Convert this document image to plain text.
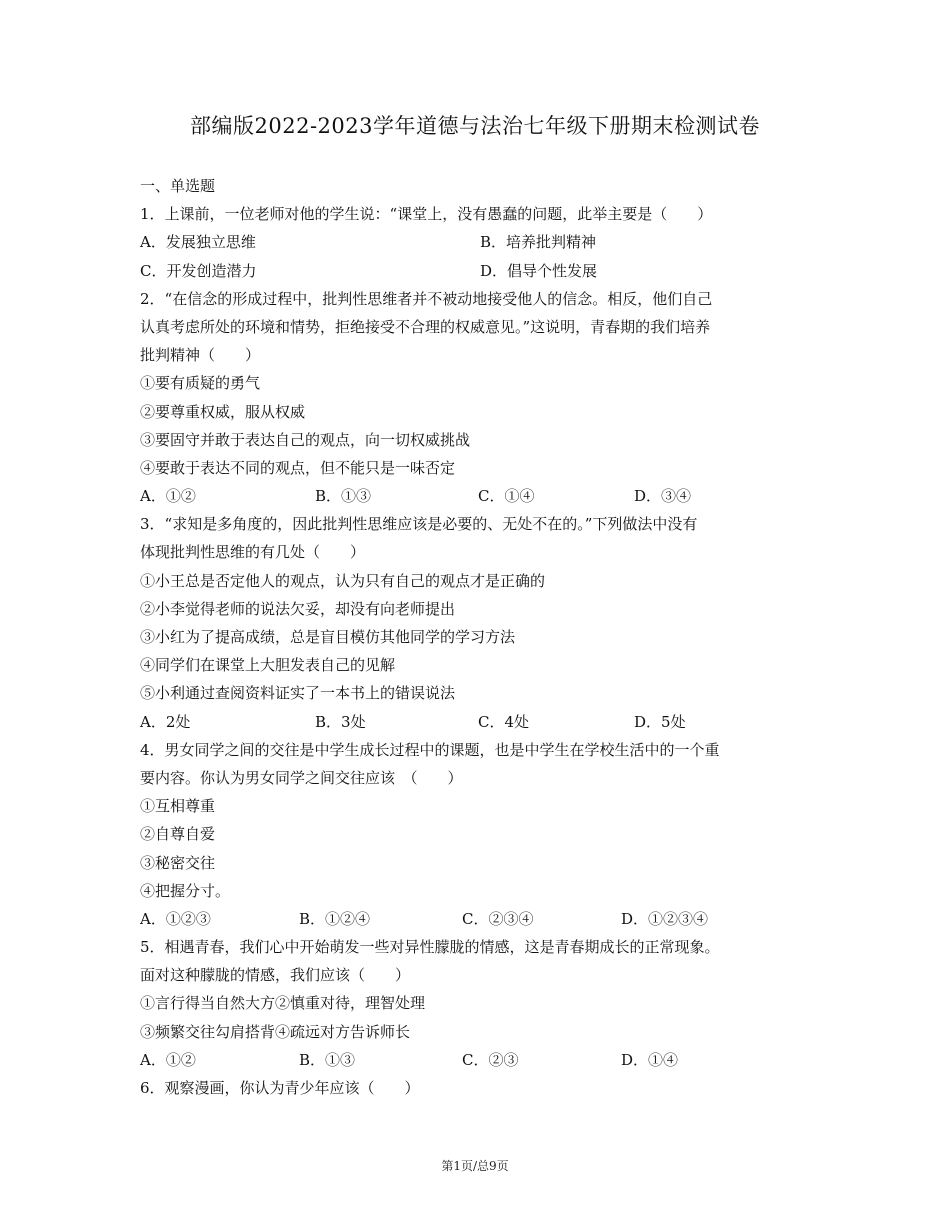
部编版2022-2023学年道德与法治七年级下册期末检测试卷
一、单选题
1．上课前，一位老师对他的学生说：“课堂上，没有愚蠢的问题，此举主要是（　　）
A．发展独立思维	B．培养批判精神
C．开发创造潜力	D．倡导个性发展
2．“在信念的形成过程中，批判性思维者并不被动地接受他人的信念。相反，他们自己
认真考虑所处的环境和情势，拒绝接受不合理的权威意见。”这说明，青春期的我们培养
批判精神（　　）
①要有质疑的勇气
②要尊重权威，服从权威
③要固守并敢于表达自己的观点，向一切权威挑战
④要敢于表达不同的观点，但不能只是一味否定
A．①②	B．①③	C．①④	D．③④
3．“求知是多角度的，因此批判性思维应该是必要的、无处不在的。”下列做法中没有
体现批判性思维的有几处（　　）
①小王总是否定他人的观点，认为只有自己的观点才是正确的
②小李觉得老师的说法欠妥，却没有向老师提出
③小红为了提高成绩，总是盲目模仿其他同学的学习方法
④同学们在课堂上大胆发表自己的见解
⑤小利通过查阅资料证实了一本书上的错误说法
A．2处	B．3处	C．4处	D．5处
4．男女同学之间的交往是中学生成长过程中的课题，也是中学生在学校生活中的一个重
要内容。你认为男女同学之间交往应该　（　　）
①互相尊重
②自尊自爱
③秘密交往
④把握分寸。
A．①②③	B．①②④	C．②③④	D．①②③④
5．相遇青春，我们心中开始萌发一些对异性朦胧的情感，这是青春期成长的正常现象。
面对这种朦胧的情感，我们应该（　　）
①言行得当自然大方②慎重对待，理智处理
③频繁交往勾肩搭背④疏远对方告诉师长
A．①②	B．①③	C．②③	D．①④
6．观察漫画，你认为青少年应该（　　）
第1页/总9页
